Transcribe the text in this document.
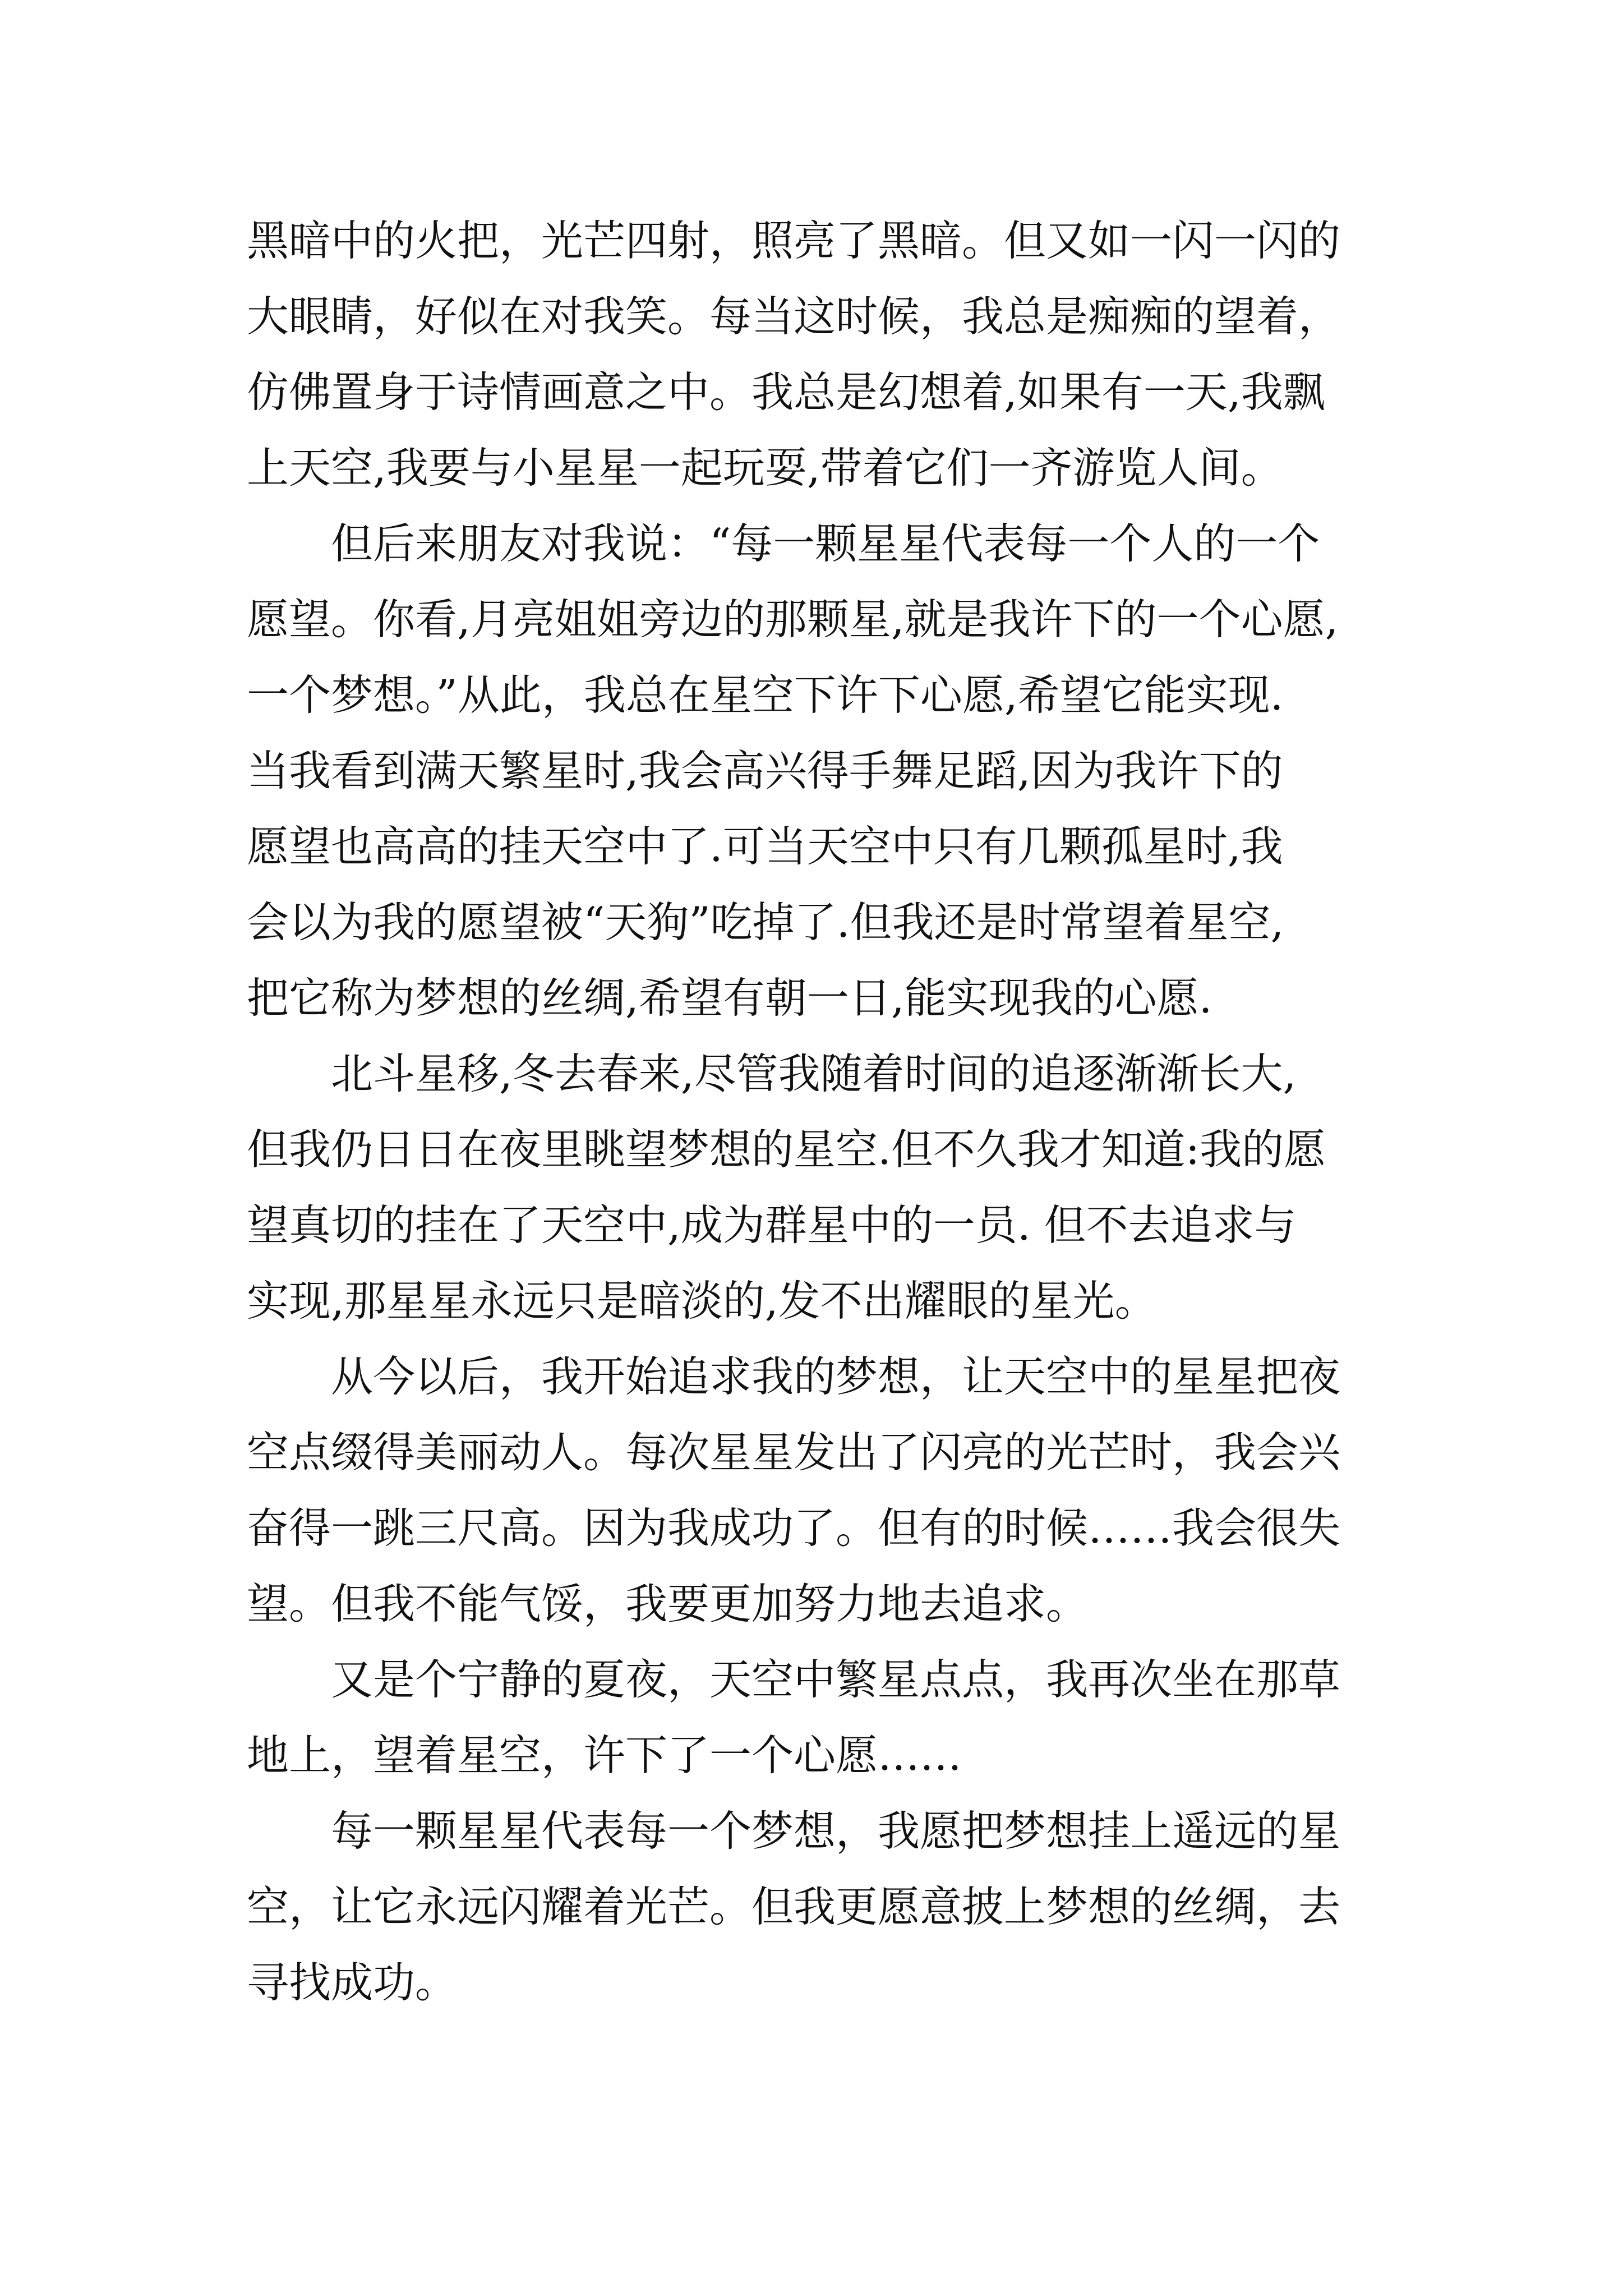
黑暗中的火把，光芒四射，照亮了黑暗。但又如一闪一闪的
大眼睛，好似在对我笑。每当这时候，我总是痴痴的望着，
仿佛置身于诗情画意之中。我总是幻想着,如果有一天,我飘
上天空,我要与小星星一起玩耍,带着它们一齐游览人间。
　　但后来朋友对我说：“每一颗星星代表每一个人的一个
愿望。你看,月亮姐姐旁边的那颗星,就是我许下的一个心愿,
一个梦想。”从此，我总在星空下许下心愿,希望它能实现.
当我看到满天繁星时,我会高兴得手舞足蹈,因为我许下的
愿望也高高的挂天空中了.可当天空中只有几颗孤星时,我
会以为我的愿望被“天狗”吃掉了.但我还是时常望着星空,
把它称为梦想的丝绸,希望有朝一日,能实现我的心愿.
　　北斗星移,冬去春来,尽管我随着时间的追逐渐渐长大,
但我仍日日在夜里眺望梦想的星空.但不久我才知道:我的愿
望真切的挂在了天空中,成为群星中的一员. 但不去追求与
实现,那星星永远只是暗淡的,发不出耀眼的星光。
　　从今以后，我开始追求我的梦想，让天空中的星星把夜
空点缀得美丽动人。每次星星发出了闪亮的光芒时，我会兴
奋得一跳三尺高。因为我成功了。但有的时候……我会很失
望。但我不能气馁，我要更加努力地去追求。
　　又是个宁静的夏夜，天空中繁星点点，我再次坐在那草
地上，望着星空，许下了一个心愿……
　　每一颗星星代表每一个梦想，我愿把梦想挂上遥远的星
空，让它永远闪耀着光芒。但我更愿意披上梦想的丝绸，去
寻找成功。
